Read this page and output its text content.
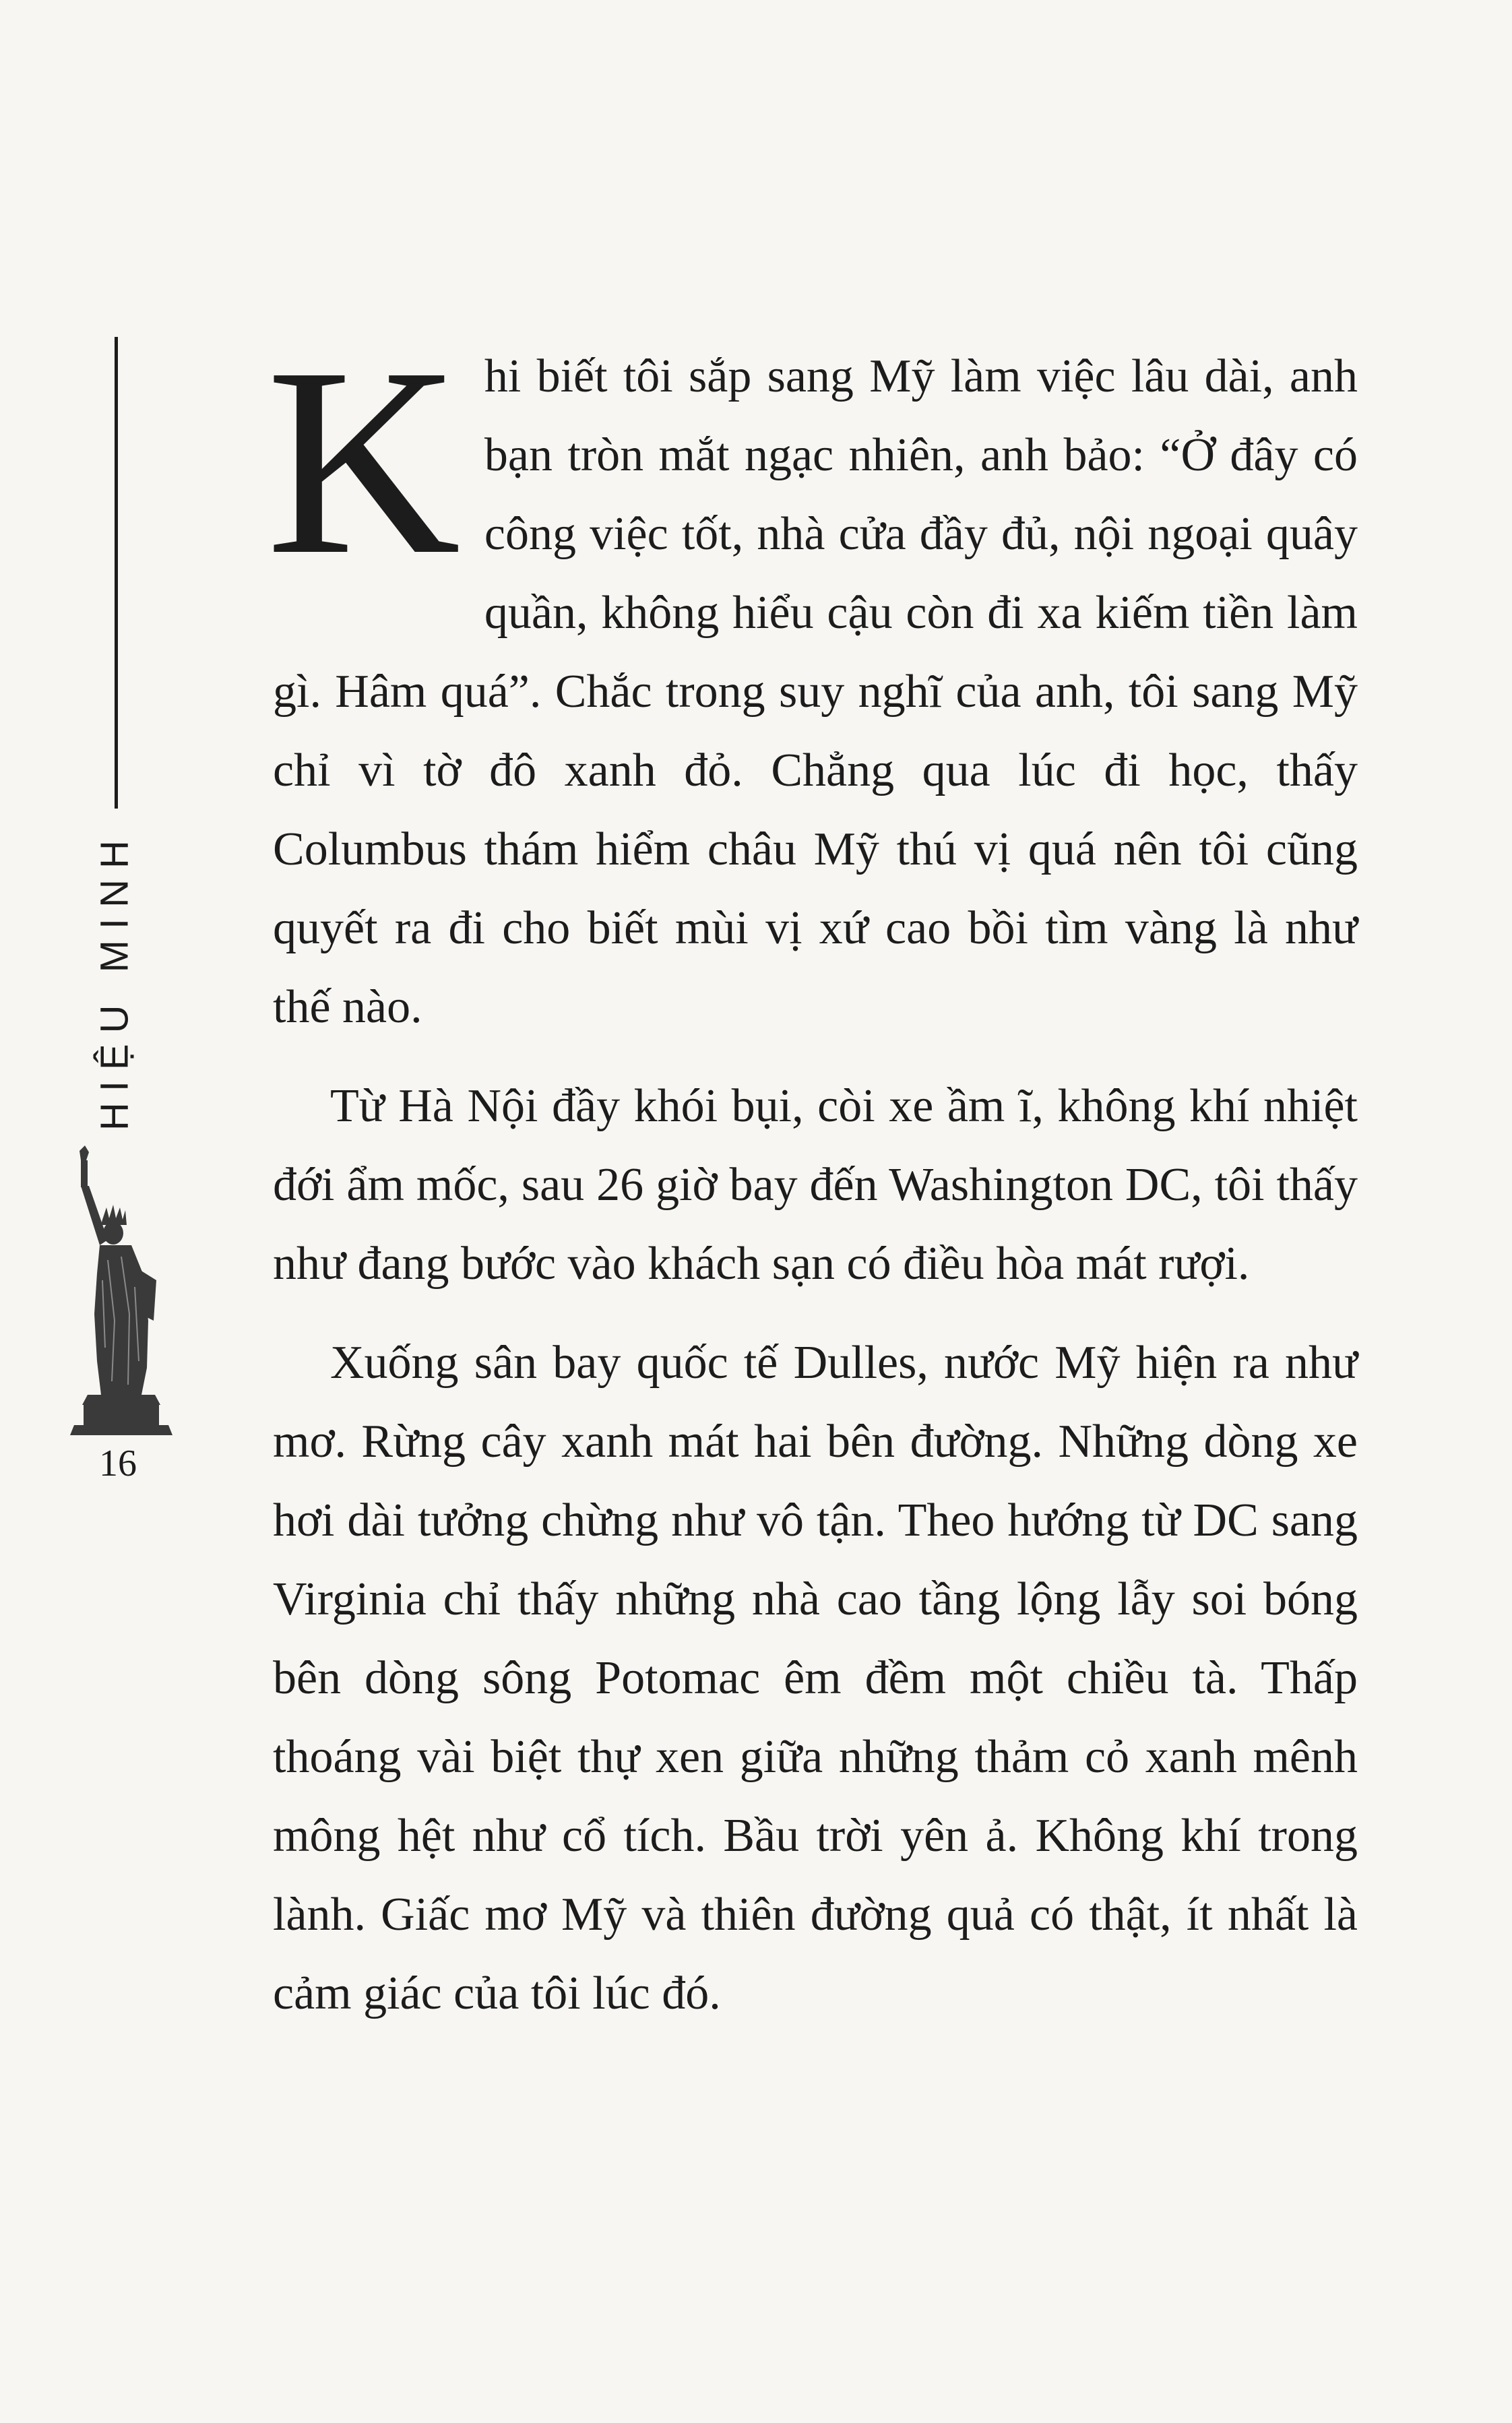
HIỆU MINH
16

Khi biết tôi sắp sang Mỹ làm việc lâu dài, anh bạn tròn mắt ngạc nhiên, anh bảo: “Ở đây có công việc tốt, nhà cửa đầy đủ, nội ngoại quây quần, không hiểu cậu còn đi xa kiếm tiền làm gì. Hâm quá”. Chắc trong suy nghĩ của anh, tôi sang Mỹ chỉ vì tờ đô xanh đỏ. Chẳng qua lúc đi học, thấy Columbus thám hiểm châu Mỹ thú vị quá nên tôi cũng quyết ra đi cho biết mùi vị xứ cao bồi tìm vàng là như thế nào.

Từ Hà Nội đầy khói bụi, còi xe ầm ĩ, không khí nhiệt đới ẩm mốc, sau 26 giờ bay đến Washington DC, tôi thấy như đang bước vào khách sạn có điều hòa mát rượi.

Xuống sân bay quốc tế Dulles, nước Mỹ hiện ra như mơ. Rừng cây xanh mát hai bên đường. Những dòng xe hơi dài tưởng chừng như vô tận. Theo hướng từ DC sang Virginia chỉ thấy những nhà cao tầng lộng lẫy soi bóng bên dòng sông Potomac êm đềm một chiều tà. Thấp thoáng vài biệt thự xen giữa những thảm cỏ xanh mênh mông hệt như cổ tích. Bầu trời yên ả. Không khí trong lành. Giấc mơ Mỹ và thiên đường quả có thật, ít nhất là cảm giác của tôi lúc đó.
